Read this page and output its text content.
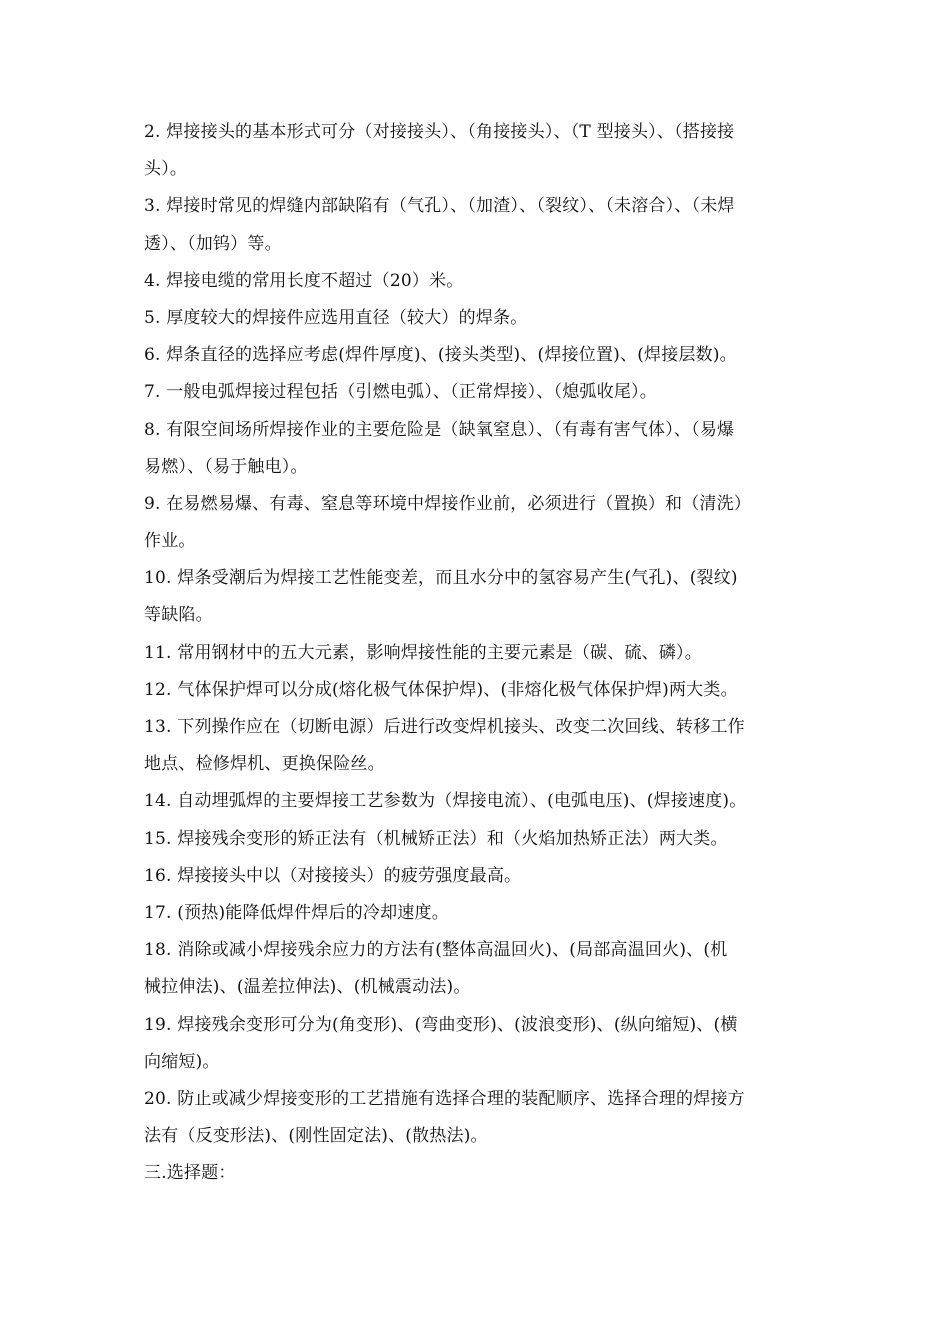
2. 焊接接头的基本形式可分（对接接头）、（角接接头）、（T 型接头）、（搭接接
头）。
3. 焊接时常见的焊缝内部缺陷有（气孔）、（加渣）、（裂纹）、（未溶合）、（未焊
透）、（加钨）等。
4. 焊接电缆的常用长度不超过（20）米。
5. 厚度较大的焊接件应选用直径（较大）的焊条。
6. 焊条直径的选择应考虑(焊件厚度)、(接头类型)、(焊接位置)、(焊接层数)。
7. 一般电弧焊接过程包括（引燃电弧）、（正常焊接）、（熄弧收尾）。
8. 有限空间场所焊接作业的主要危险是（缺氧窒息）、（有毒有害气体）、（易爆
易燃）、（易于触电）。
9. 在易燃易爆、有毒、窒息等环境中焊接作业前，必须进行（置换）和（清洗）
作业。
10. 焊条受潮后为焊接工艺性能变差，而且水分中的氢容易产生(气孔)、(裂纹)
等缺陷。
11. 常用钢材中的五大元素，影响焊接性能的主要元素是（碳、硫、磷）。
12. 气体保护焊可以分成(熔化极气体保护焊)、(非熔化极气体保护焊)两大类。
13. 下列操作应在（切断电源）后进行改变焊机接头、改变二次回线、转移工作
地点、检修焊机、更换保险丝。
14. 自动埋弧焊的主要焊接工艺参数为（焊接电流）、(电弧电压)、(焊接速度)。
15. 焊接残余变形的矫正法有（机械矫正法）和（火焰加热矫正法）两大类。
16. 焊接接头中以（对接接头）的疲劳强度最高。
17. (预热)能降低焊件焊后的冷却速度。
18. 消除或减小焊接残余应力的方法有(整体高温回火)、(局部高温回火)、(机
械拉伸法)、(温差拉伸法)、(机械震动法)。
19. 焊接残余变形可分为(角变形)、(弯曲变形)、(波浪变形)、(纵向缩短)、(横
向缩短)。
20. 防止或减少焊接变形的工艺措施有选择合理的装配顺序、选择合理的焊接方
法有（反变形法)、(刚性固定法)、(散热法)。
三.选择题：
